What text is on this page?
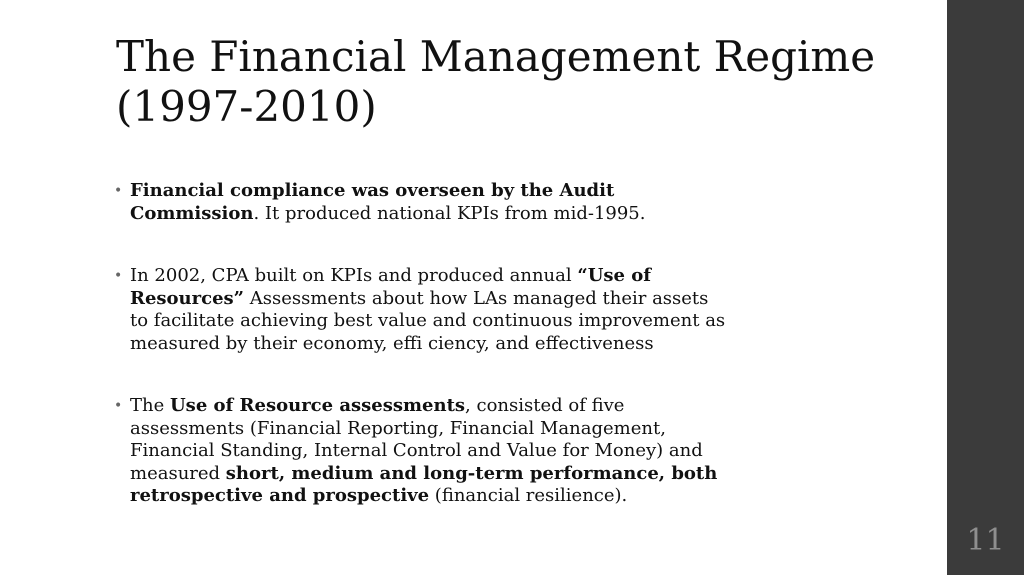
The Financial Management Regime
(1997-2010)
• Financial compliance was overseen by the Audit
Commission. It produced national KPIs from mid-1995.
• In 2002, CPA built on KPIs and produced annual “Use of
Resources” Assessments about how LAs managed their assets
to facilitate achieving best value and continuous improvement as
measured by their economy, effi ciency, and effectiveness
• The Use of Resource assessments, consisted of five
assessments (Financial Reporting, Financial Management,
Financial Standing, Internal Control and Value for Money) and
measured short, medium and long-term performance, both
retrospective and prospective (financial resilience).
11
